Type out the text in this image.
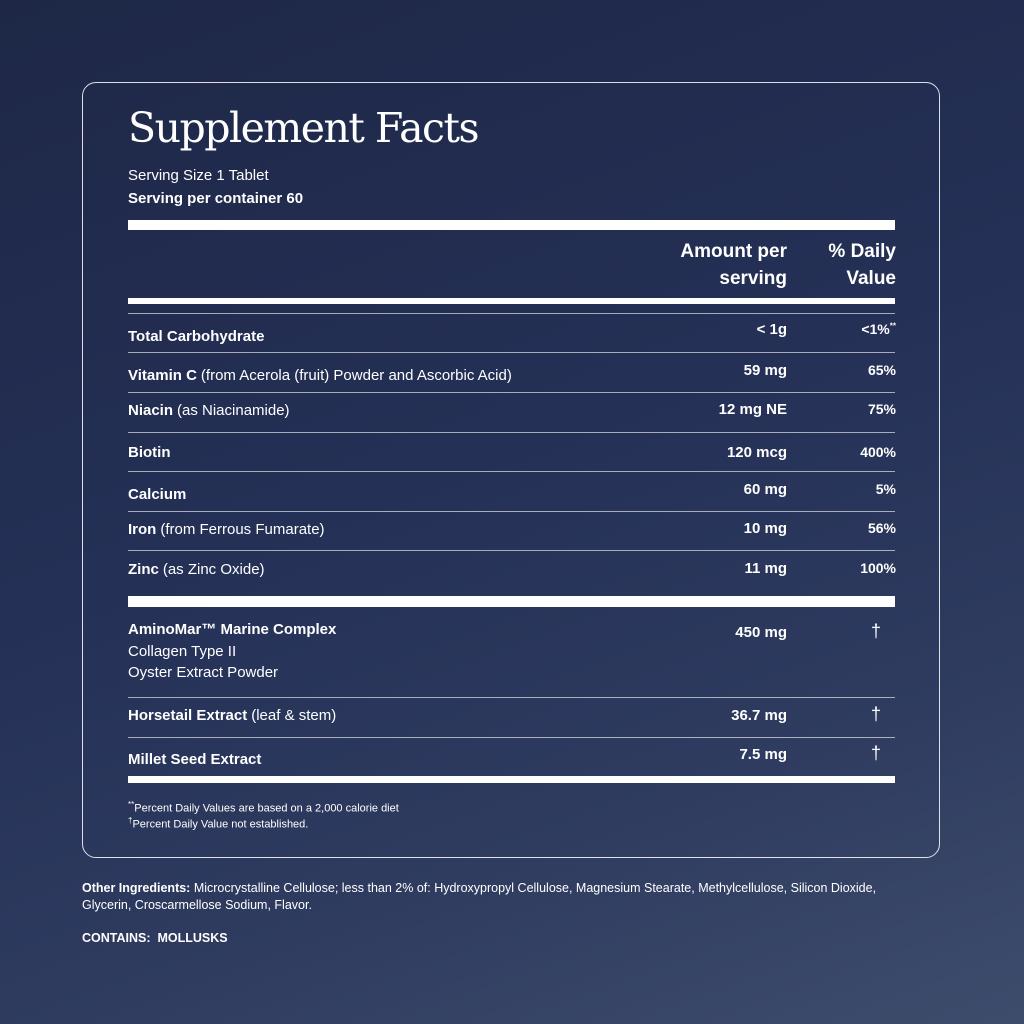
Supplement Facts
Serving Size 1 Tablet
Serving per container 60
Amount per
serving
% Daily
Value
Total Carbohydrate	< 1g	<1%**
Vitamin C (from Acerola (fruit) Powder and Ascorbic Acid)	59 mg	65%
Niacin (as Niacinamide)	12 mg NE	75%
Biotin	120 mcg	400%
Calcium	60 mg	5%
Iron (from Ferrous Fumarate)	10 mg	56%
Zinc (as Zinc Oxide)	11 mg	100%
AminoMar™ Marine Complex
Collagen Type II
Oyster Extract Powder
450 mg	†
Horsetail Extract (leaf & stem)	36.7 mg	†
Millet Seed Extract	7.5 mg	†
**Percent Daily Values are based on a 2,000 calorie diet
†Percent Daily Value not established.
Other Ingredients: Microcrystalline Cellulose; less than 2% of: Hydroxypropyl Cellulose, Magnesium Stearate, Methylcellulose, Silicon Dioxide, Glycerin, Croscarmellose Sodium, Flavor.
CONTAINS:  MOLLUSKS
